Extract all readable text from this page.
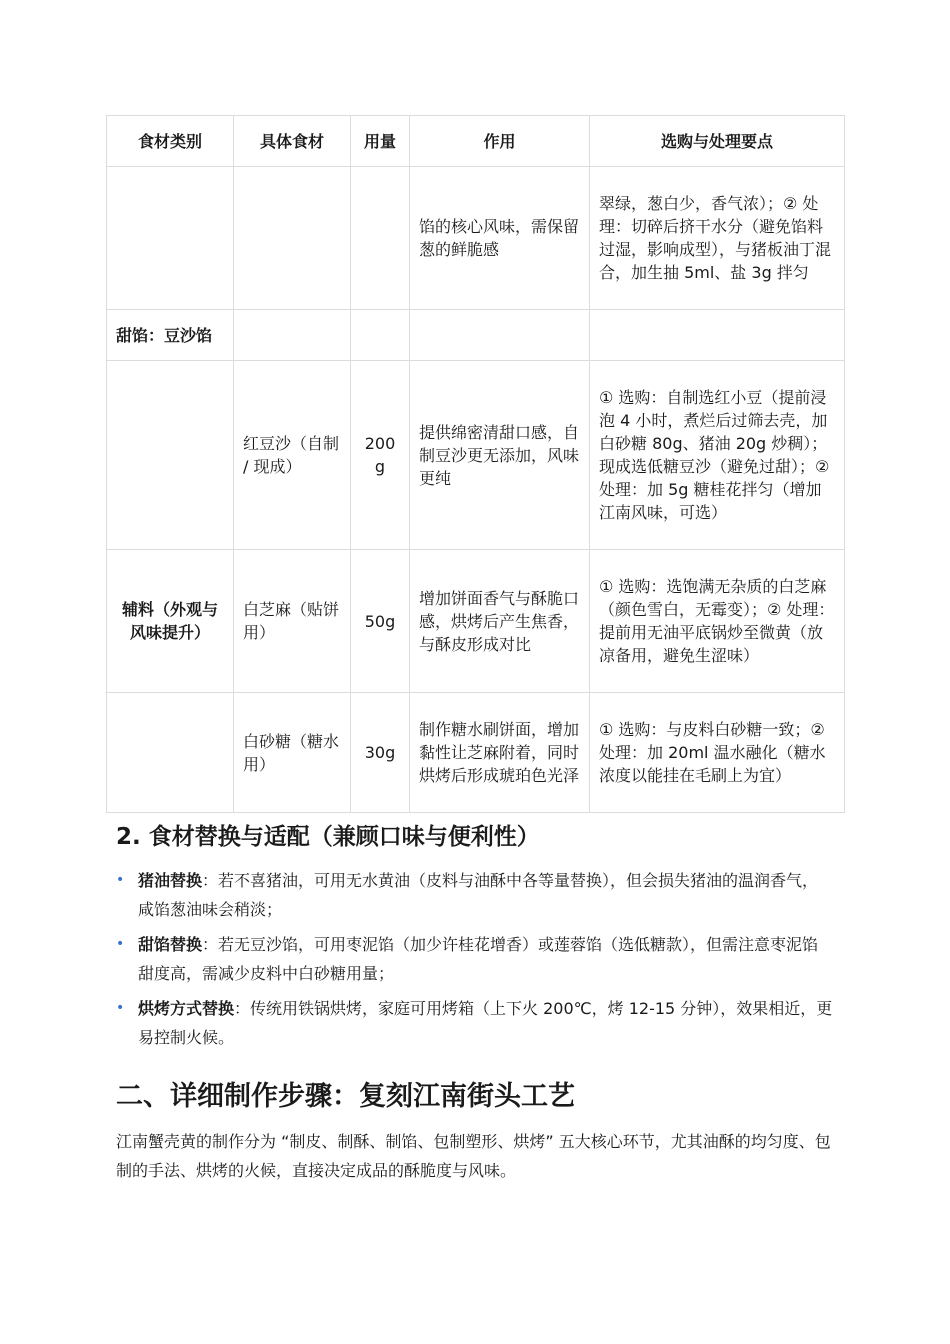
食材类别	具体食材	用量	作用	选购与处理要点
			馅的核心风味，需保留葱的鲜脆感	翠绿，葱白少，香气浓）；② 处理：切碎后挤干水分（避免馅料过湿，影响成型），与猪板油丁混合，加生抽 5ml、盐 3g 拌匀
甜馅：豆沙馅				
	红豆沙（自制 / 现成）	200g	提供绵密清甜口感，自制豆沙更无添加，风味更纯	① 选购：自制选红小豆（提前浸泡 4 小时，煮烂后过筛去壳，加白砂糖 80g、猪油 20g 炒稠）；现成选低糖豆沙（避免过甜）；② 处理：加 5g 糖桂花拌匀（增加江南风味，可选）
辅料（外观与风味提升）	白芝麻（贴饼用）	50g	增加饼面香气与酥脆口感，烘烤后产生焦香，与酥皮形成对比	① 选购：选饱满无杂质的白芝麻（颜色雪白，无霉变）；② 处理：提前用无油平底锅炒至微黄（放凉备用，避免生涩味）
	白砂糖（糖水用）	30g	制作糖水刷饼面，增加黏性让芝麻附着，同时烘烤后形成琥珀色光泽	① 选购：与皮料白砂糖一致；② 处理：加 20ml 温水融化（糖水浓度以能挂在毛刷上为宜）
2. 食材替换与适配（兼顾口味与便利性）
• 猪油替换：若不喜猪油，可用无水黄油（皮料与油酥中各等量替换），但会损失猪油的温润香气，咸馅葱油味会稍淡；
• 甜馅替换：若无豆沙馅，可用枣泥馅（加少许桂花增香）或莲蓉馅（选低糖款），但需注意枣泥馅甜度高，需减少皮料中白砂糖用量；
• 烘烤方式替换：传统用铁锅烘烤，家庭可用烤箱（上下火 200℃，烤 12-15 分钟），效果相近，更易控制火候。
二、详细制作步骤：复刻江南街头工艺

江南蟹壳黄的制作分为 “制皮、制酥、制馅、包制塑形、烘烤” 五大核心环节，尤其油酥的均匀度、包制的手法、烘烤的火候，直接决定成品的酥脆度与风味。
